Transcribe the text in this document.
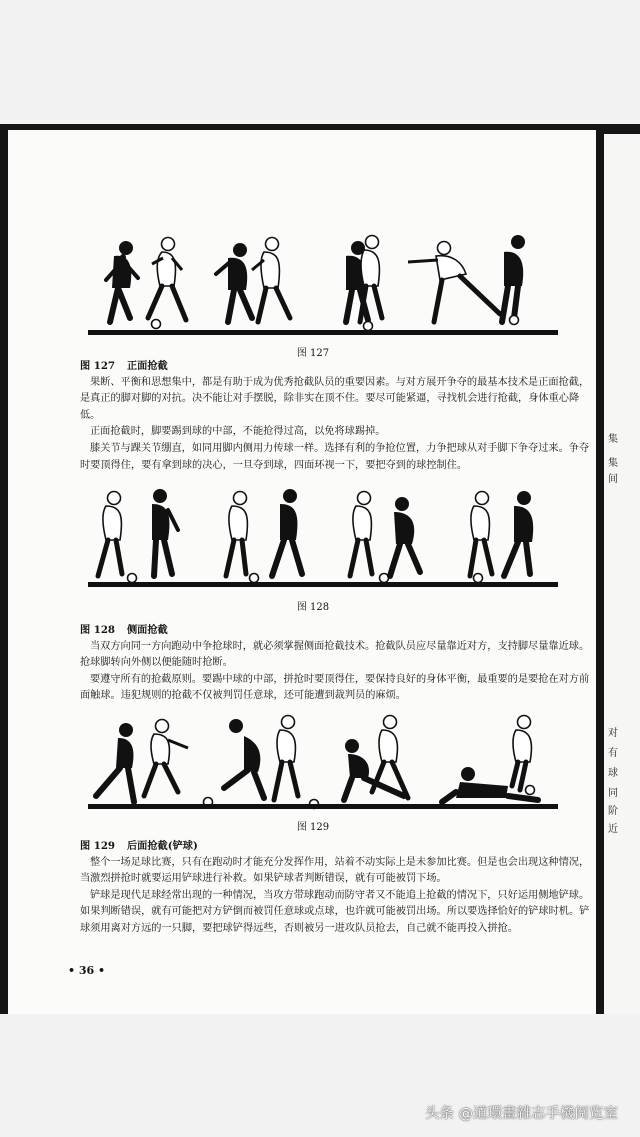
图 127

图 127 正面抢截

果断、平衡和思想集中，都是有助于成为优秀抢截队员的重要因素。与对方展开争夺的最基本技术是正面抢截，是真正的脚对脚的对抗。决不能让对手摆脱，除非实在顶不住。要尽可能紧逼，寻找机会进行抢截，身体重心降低。

正面抢截时，脚要踢到球的中部，不能抢得过高，以免将球踢掉。

膝关节与踝关节绷直，如同用脚内侧用力传球一样。选择有利的争抢位置，力争把球从对手脚下争夺过来。争夺时要顶得住，要有拿到球的决心，一旦夺到球，四面环视一下，要把夺到的球控制住。

图 128

图 128 侧面抢截

当双方向同一方向跑动中争抢球时，就必须掌握侧面抢截技术。抢截队员应尽量靠近对方，支持脚尽量靠近球。抢球脚转向外侧以便能随时抢断。

要遵守所有的抢截原则。要踢中球的中部，拼抢时要顶得住，要保持良好的身体平衡，最重要的是要抢在对方前面触球。违犯规则的抢截不仅被判罚任意球，还可能遭到裁判员的麻烦。

图 129

图 129 后面抢截(铲球)

整个一场足球比赛，只有在跑动时才能充分发挥作用，站着不动实际上是未参加比赛。但是也会出现这种情况，当激烈拼抢时就要运用铲球进行补救。如果铲球者判断错误，就有可能被罚下场。

铲球是现代足球经常出现的一种情况，当攻方带球跑动而防守者又不能追上抢截的情况下，只好运用侧地铲球。如果判断错误，就有可能把对方铲倒而被罚任意球或点球，也许就可能被罚出场。所以要选择恰好的铲球时机。铲球须用离对方远的一只脚，要把球铲得远些，否则被另一进攻队员抢去，自己就不能再投入拼抢。

• 36 •
集
集
间
对
有
球
同
阶
近
头条 @道環畫雜志手機阅览室
